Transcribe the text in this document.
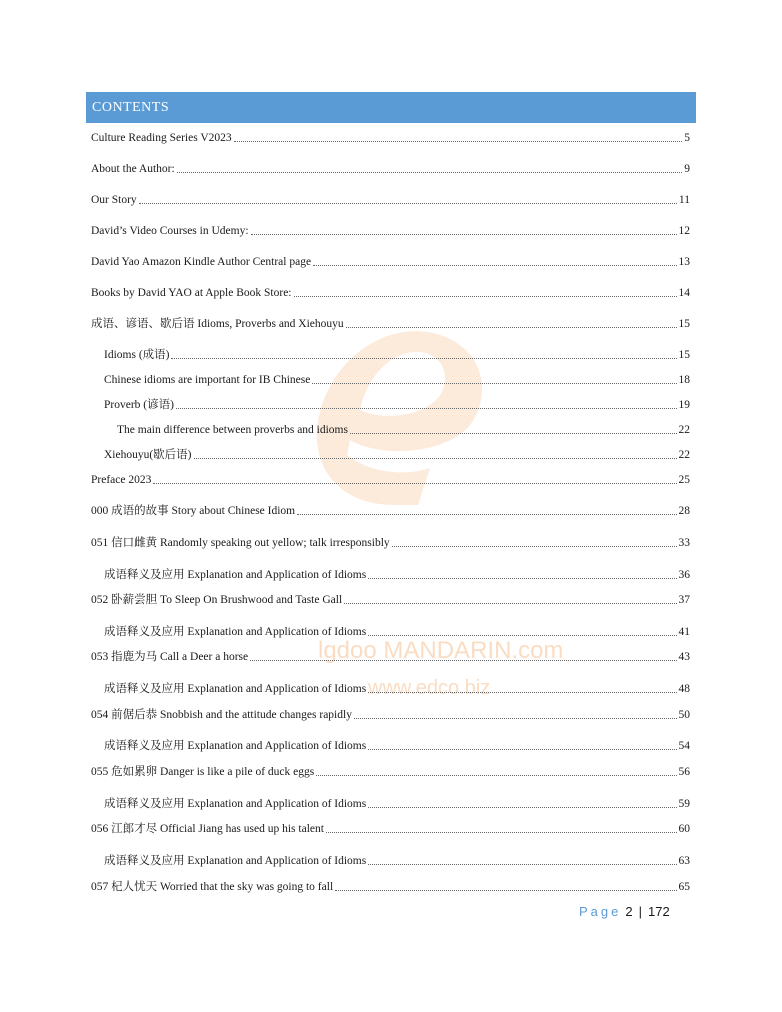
lgdoo MANDARIN.com
www.edco.biz
CONTENTS
Culture Reading Series V2023	5
About the Author:	9
Our Story	11
David’s Video Courses in Udemy:	12
David Yao Amazon Kindle Author Central page	13
Books by David YAO at Apple Book Store:	14
成语、谚语、歇后语 Idioms, Proverbs and Xiehouyu	15
Idioms (成语)	15
Chinese idioms are important for IB Chinese	18
Proverb (谚语)	19
The main difference between proverbs and idioms	22
Xiehouyu(歇后语)	22
Preface 2023	25
000 成语的故事 Story about Chinese Idiom	28
051 信口雌黄 Randomly speaking out yellow; talk irresponsibly	33
成语释义及应用 Explanation and Application of Idioms	36
052 卧薪尝胆 To Sleep On Brushwood and Taste Gall	37
成语释义及应用 Explanation and Application of Idioms	41
053 指鹿为马 Call a Deer a horse	43
成语释义及应用 Explanation and Application of Idioms	48
054 前倨后恭 Snobbish and the attitude changes rapidly	50
成语释义及应用 Explanation and Application of Idioms	54
055 危如累卵 Danger is like a pile of duck eggs	56
成语释义及应用 Explanation and Application of Idioms	59
056 江郎才尽 Official Jiang has used up his talent	60
成语释义及应用 Explanation and Application of Idioms	63
057 杞人忧天 Worried that the sky was going to fall	65
Page 2 | 172
